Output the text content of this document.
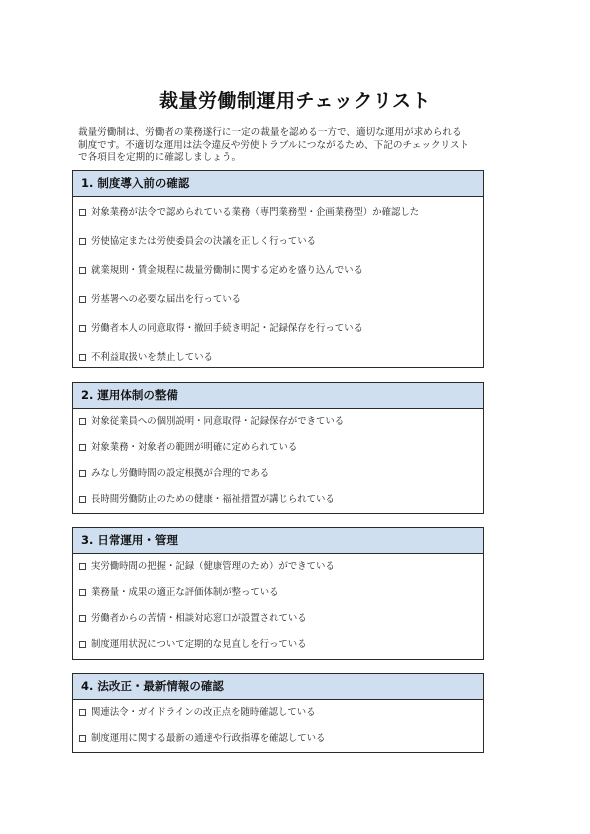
裁量労働制運用チェックリスト
裁量労働制は、労働者の業務遂行に一定の裁量を認める一方で、適切な運用が求められる
制度です。不適切な運用は法令違反や労使トラブルにつながるため、下記のチェックリスト
で各項目を定期的に確認しましょう。
1. 制度導入前の確認
対象業務が法令で認められている業務（専門業務型・企画業務型）か確認した
労使協定または労使委員会の決議を正しく行っている
就業規則・賃金規程に裁量労働制に関する定めを盛り込んでいる
労基署への必要な届出を行っている
労働者本人の同意取得・撤回手続き明記・記録保存を行っている
不利益取扱いを禁止している
2. 運用体制の整備
対象従業員への個別説明・同意取得・記録保存ができている
対象業務・対象者の範囲が明確に定められている
みなし労働時間の設定根拠が合理的である
長時間労働防止のための健康・福祉措置が講じられている
3. 日常運用・管理
実労働時間の把握・記録（健康管理のため）ができている
業務量・成果の適正な評価体制が整っている
労働者からの苦情・相談対応窓口が設置されている
制度運用状況について定期的な見直しを行っている
4. 法改正・最新情報の確認
関連法令・ガイドラインの改正点を随時確認している
制度運用に関する最新の通達や行政指導を確認している
